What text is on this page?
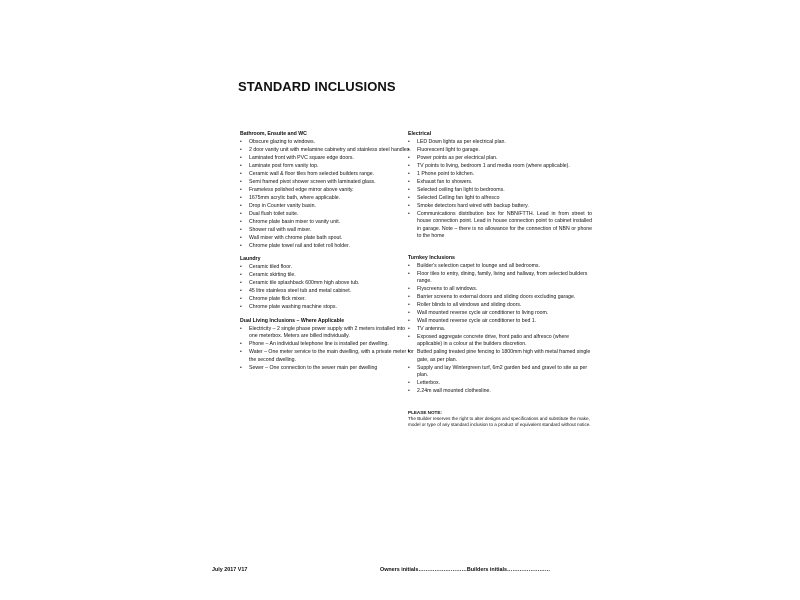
STANDARD INCLUSIONS
Bathroom, Ensuite and WC
• Obscure glazing to windows.
• 2 door vanity unit with melamine cabinetry and stainless steel handles.
• Laminated front with PVC square edge doors.
• Laminate post form vanity top.
• Ceramic wall & floor tiles from selected builders range.
• Semi framed pivot shower screen with laminated glass.
• Frameless polished edge mirror above vanity.
• 1675mm acrylic bath, where applicable.
• Drop in Counter vanity basin.
• Dual flush toilet suite.
• Chrome plate basin mixer to vanity unit.
• Shower rail with wall mixer.
• Wall mixer with chrome plate bath spout.
• Chrome plate towel rail and toilet roll holder.
Laundry
• Ceramic tiled floor.
• Ceramic skirting tile.
• Ceramic tile splashback 600mm high above tub.
• 45 litre stainless steel tub and metal cabinet.
• Chrome plate flick mixer.
• Chrome plate washing machine stops.
Dual Living Inclusions – Where Applicable
• Electricity – 2 single phase power supply with 2 meters installed into one meterbox. Meters are billed individually.
• Phone – An individual telephone line is installed per dwelling.
• Water – One meter service to the main dwelling, with a private meter for the second dwelling.
• Sewer – One connection to the sewer main per dwelling
Electrical
• LED Down lights as per electrical plan.
• Fluorescent light to garage.
• Power points as per electrical plan.
• TV points to living, bedroom 1 and media room (where applicable).
• 1 Phone point to kitchen.
• Exhaust fan to showers.
• Selected ceiling fan light to bedrooms.
• Selected Ceiling fan light to alfresco
• Smoke detectors hard wired with backup battery.
• Communications distribution box for NBN/FTTH. Lead in from street to house connection point. Lead in house connection point to cabinet installed in garage. Note – there is no allowance for the connection of NBN or phone to the home
Turnkey Inclusions
• Builder's selection carpet to lounge and all bedrooms.
• Floor tiles to entry, dining, family, living and hallway, from selected builders range.
• Flyscreens to all windows.
• Barrier screens to external doors and sliding doors excluding garage.
• Roller blinds to all windows and sliding doors.
• Wall mounted reverse cycle air conditioner to living room.
• Wall mounted reverse cycle air conditioner to bed 1.
• TV antenna.
• Exposed aggregate concrete drive, front patio and alfresco (where applicable) in a colour at the builders discretion.
• Butted paling treated pine fencing to 1800mm high with metal framed single gate, as per plan.
• Supply and lay Wintergreen turf, 6m2 garden bed and gravel to site as per plan.
• Letterbox.
• 2.24m wall mounted clothesline.
PLEASE NOTE:
The Builder reserves the right to alter designs and specifications and substitute the make, model or type of any standard inclusion to a product of equivalent standard without notice.
July 2017 V17	Owners initials………………………Builders initials……………………
